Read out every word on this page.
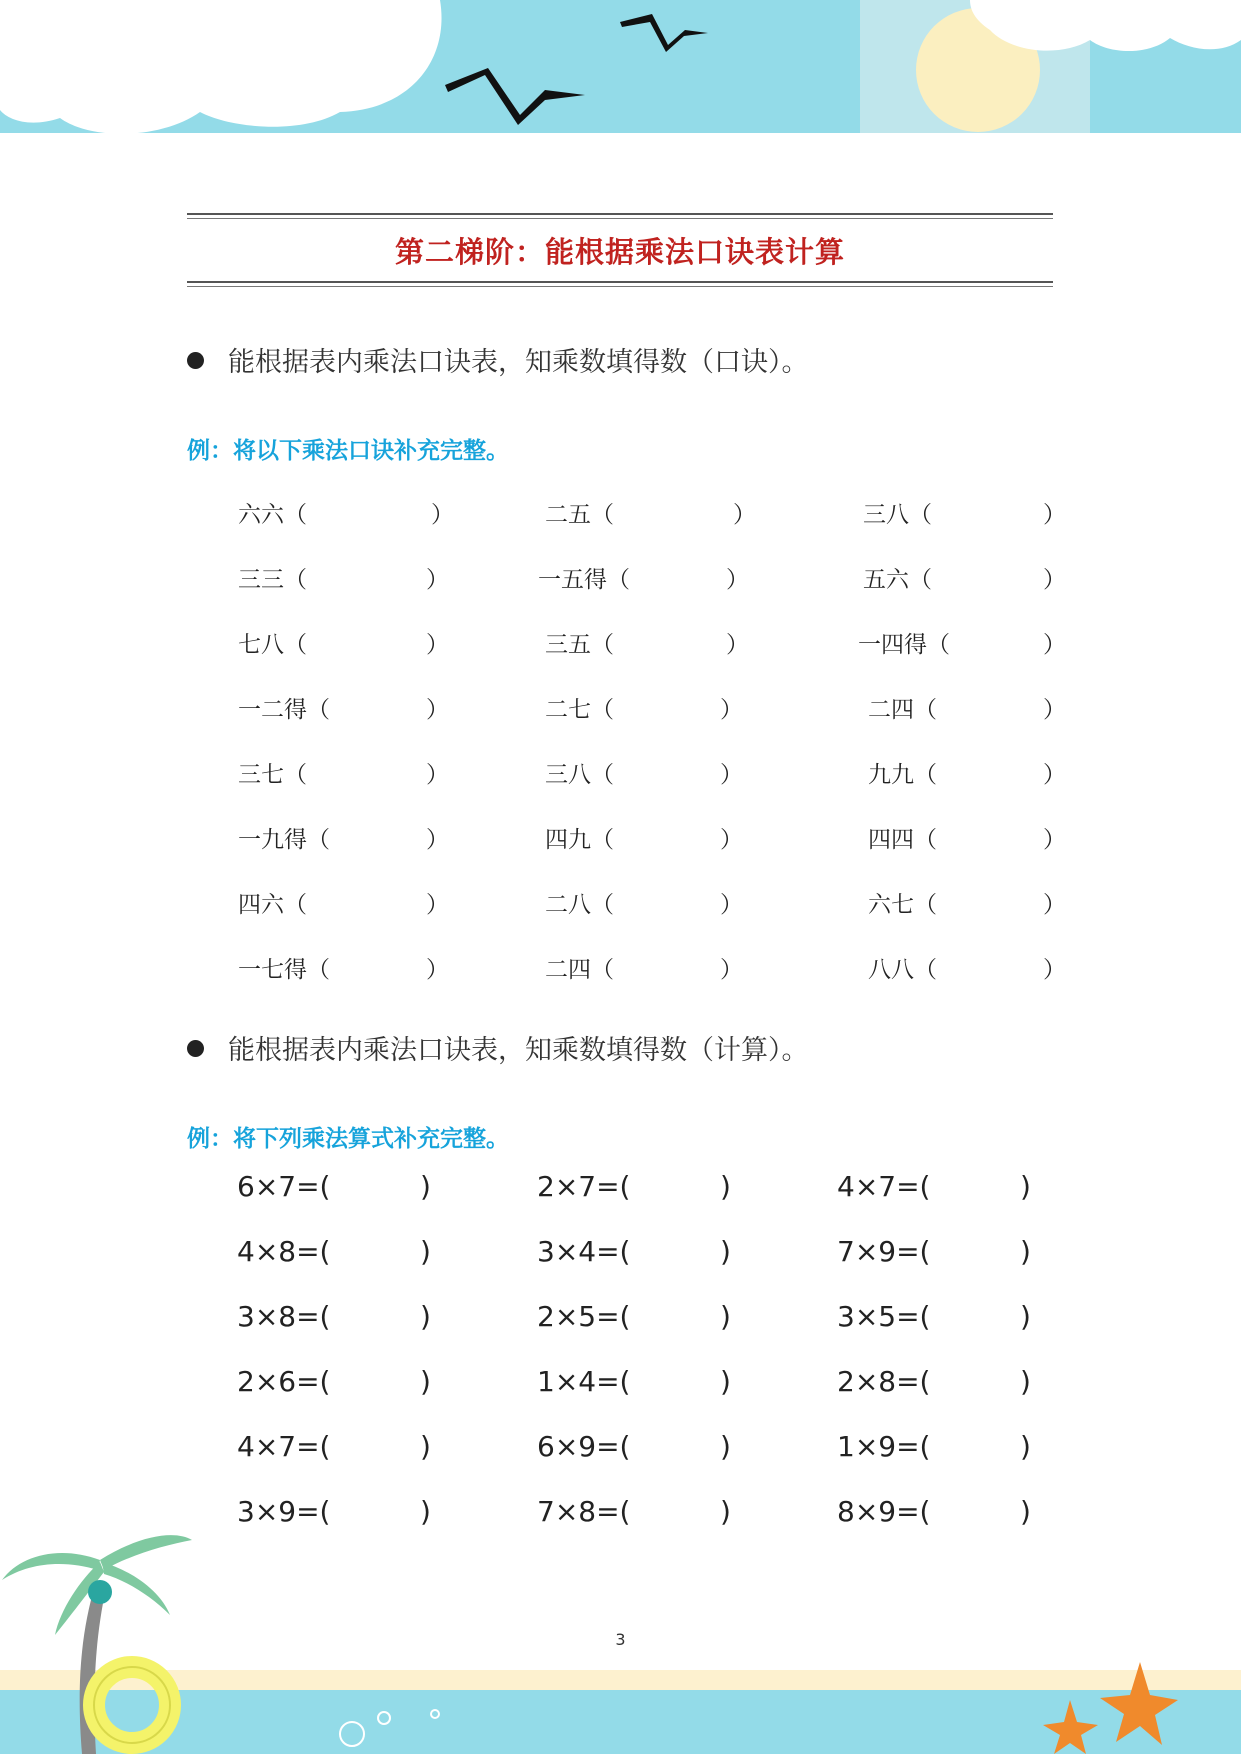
第二梯阶：能根据乘法口诀表计算
能根据表内乘法口诀表，知乘数填得数（口诀）。
例：将以下乘法口诀补充完整。
六六（	）	二五（	）	三八（	）
三三（	）	一五得（	）	五六（	）
七八（	）	三五（	）	一四得（	）
一二得（	）	二七（	）	二四（	）
三七（	）	三八（	）	九九（	）
一九得（	）	四九（	）	四四（	）
四六（	）	二八（	）	六七（	）
一七得（	）	二四（	）	八八（	）
能根据表内乘法口诀表，知乘数填得数（计算）。
例：将下列乘法算式补充完整。
6×7=(	)	2×7=(	)	4×7=(	)
4×8=(	)	3×4=(	)	7×9=(	)
3×8=(	)	2×5=(	)	3×5=(	)
2×6=(	)	1×4=(	)	2×8=(	)
4×7=(	)	6×9=(	)	1×9=(	)
3×9=(	)	7×8=(	)	8×9=(	)
3
